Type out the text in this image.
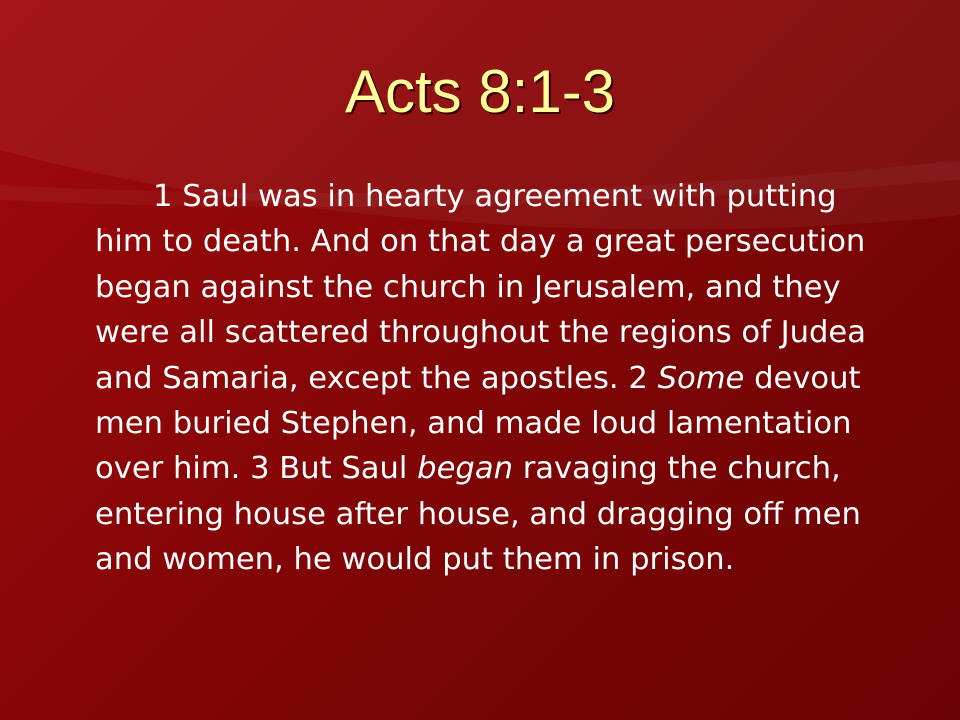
Acts 8:1-3

1 Saul was in hearty agreement with putting him to death. And on that day a great persecution began against the church in Jerusalem, and they were all scattered throughout the regions of Judea and Samaria, except the apostles. 2 Some devout men buried Stephen, and made loud lamentation over him. 3 But Saul began ravaging the church, entering house after house, and dragging off men and women, he would put them in prison.
